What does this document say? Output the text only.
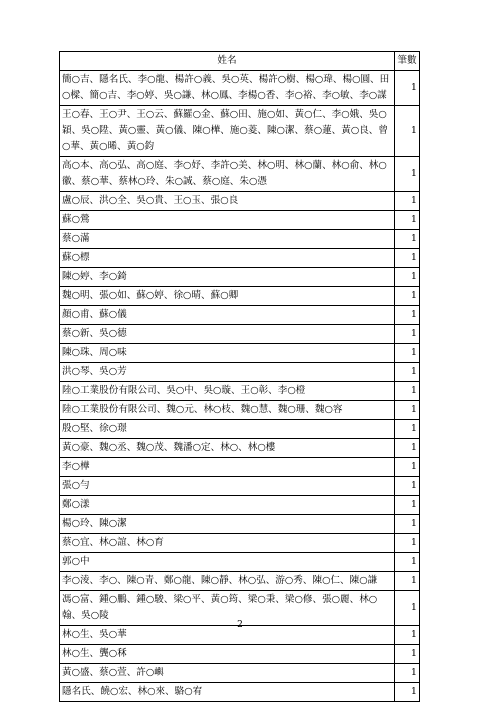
姓名	筆數
簡○吉、隱名氏、李○龍、楊許○義、吳○英、楊許○樹、楊○瑋、楊○圓、田○樑、簡○吉、李○婷、吳○謙、林○鳳、李楊○香、李○裕、李○敏、李○謀	1
王○春、王○尹、王○云、蘇羅○金、蘇○田、施○如、黃○仁、李○娥、吳○穎、吳○陞、黃○靈、黃○儀、陳○樺、施○菱、陳○潔、蔡○蓮、黃○良、曾○華、黃○晞、黃○鈞	1
高○本、高○弘、高○庭、李○妤、李許○美、林○明、林○蘭、林○俞、林○徽、蔡○華、蔡林○玲、朱○誠、蔡○庭、朱○憑	1
盧○辰、洪○全、吳○貴、王○玉、張○良	1
蘇○鶯	1
蔡○滿	1
蘇○標	1
陳○婷、李○錡	1
魏○明、張○如、蘇○婷、徐○晴、蘇○卿	1
顏○甫、蘇○儀	1
蔡○新、吳○德	1
陳○珠、周○味	1
洪○琴、吳○芳	1
陸○工業股份有限公司、吳○中、吳○璇、王○彰、李○橙	1
陸○工業股份有限公司、魏○元、林○枝、魏○慧、魏○珊、魏○容	1
殷○堅、徐○璟	1
黃○豪、魏○丞、魏○茂、魏潘○定、林○、林○樓	1
李○樺	1
張○勻	1
鄭○漾	1
楊○玲、陳○潔	1
蔡○宜、林○誼、林○育	1
郭○中	1
李○淩、李○、陳○青、鄭○龍、陳○靜、林○弘、游○秀、陳○仁、陳○謙	1
馮○富、鍾○鵬、鍾○駿、梁○平、黃○筠、梁○秉、梁○修、張○麗、林○翰、吳○陵	1
林○生、吳○華	1
林○生、龔○秝	1
黃○盛、蔡○萱、許○嶼	1
隱名氏、饒○宏、林○來、駱○宥	1
2
